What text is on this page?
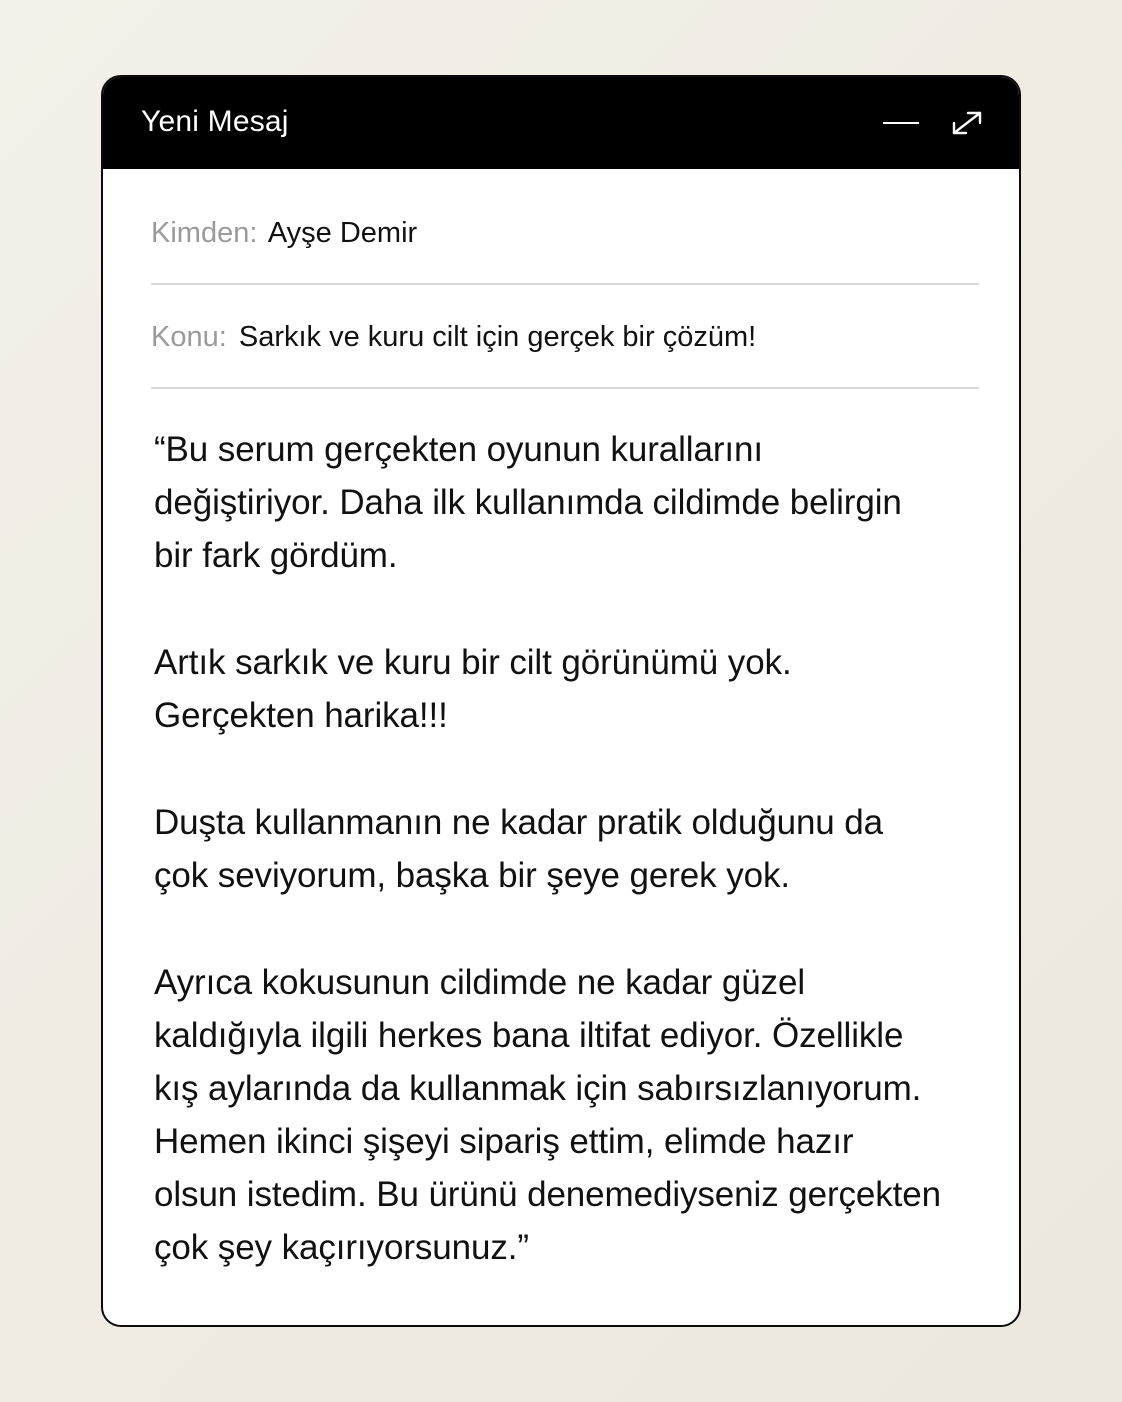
Yeni Mesaj
Kimden: Ayşe Demir
Konu: Sarkık ve kuru cilt için gerçek bir çözüm!

“Bu serum gerçekten oyunun kurallarını
değiştiriyor. Daha ilk kullanımda cildimde belirgin
bir fark gördüm.

Artık sarkık ve kuru bir cilt görünümü yok.
Gerçekten harika!!!

Duşta kullanmanın ne kadar pratik olduğunu da
çok seviyorum, başka bir şeye gerek yok.

Ayrıca kokusunun cildimde ne kadar güzel
kaldığıyla ilgili herkes bana iltifat ediyor. Özellikle
kış aylarında da kullanmak için sabırsızlanıyorum.
Hemen ikinci şişeyi sipariş ettim, elimde hazır
olsun istedim. Bu ürünü denemediyseniz gerçekten
çok şey kaçırıyorsunuz.”
